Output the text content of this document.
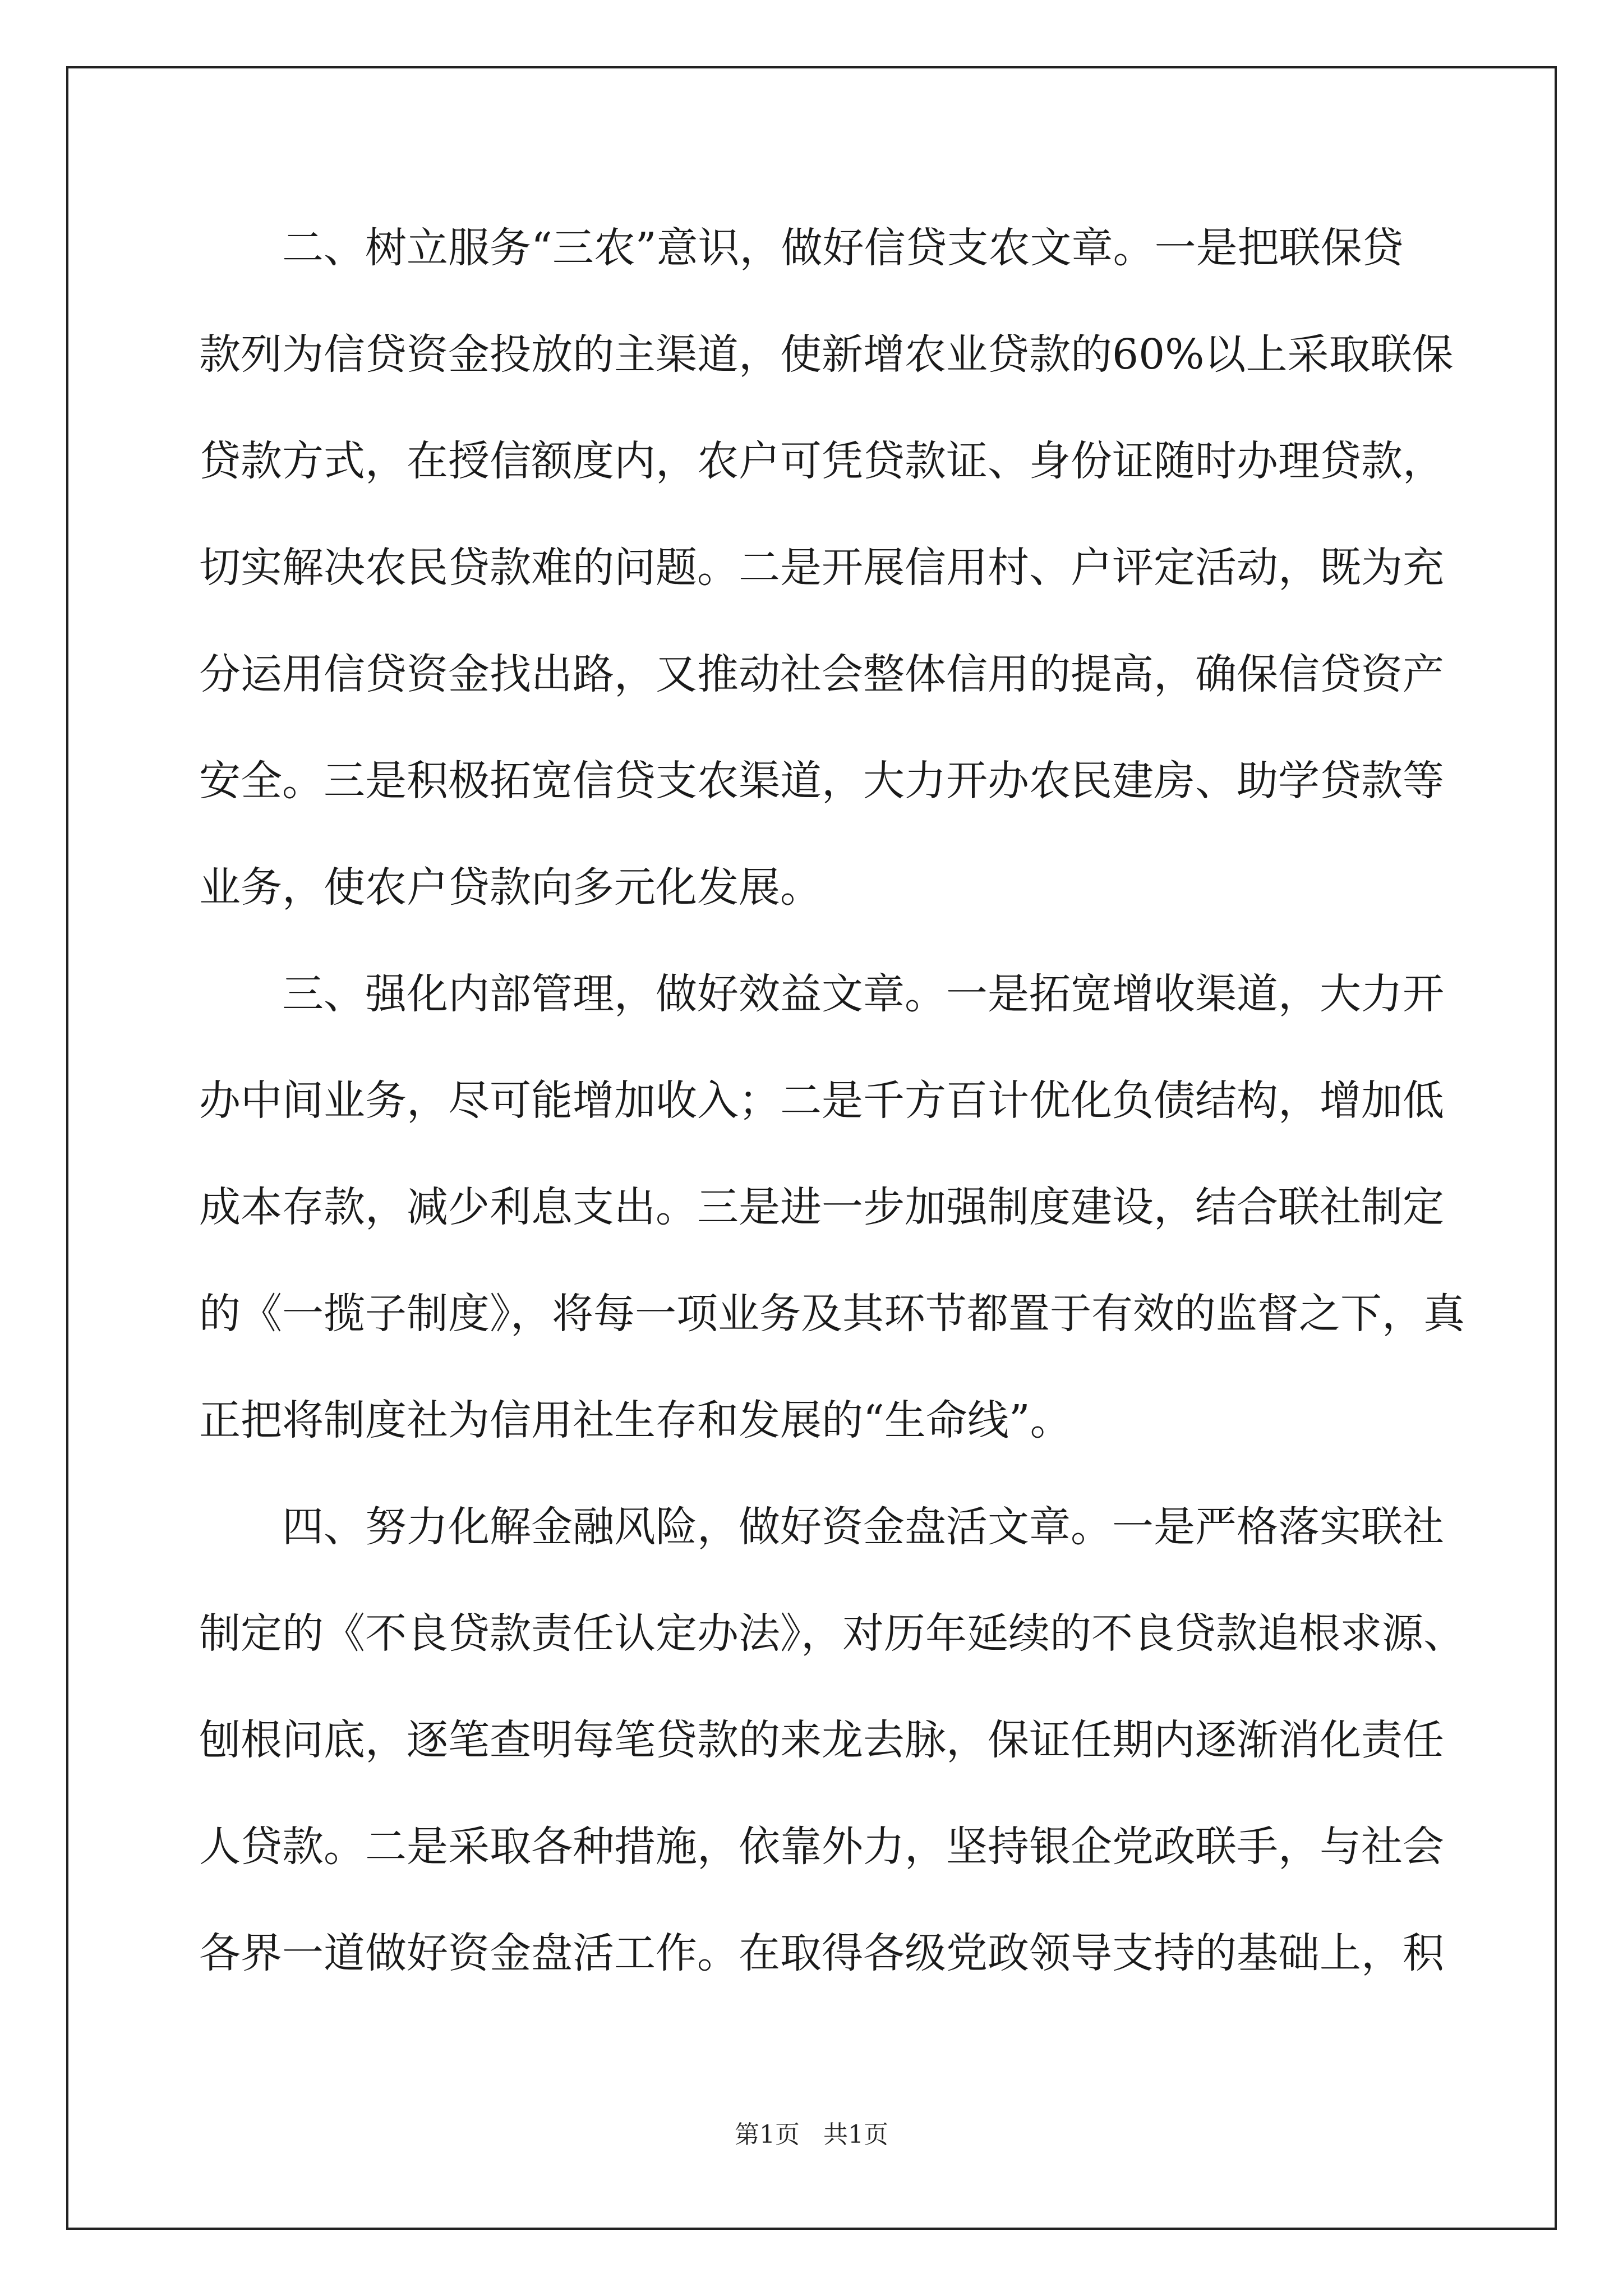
二、树立服务“三农”意识，做好信贷支农文章。一是把联保贷
款列为信贷资金投放的主渠道，使新增农业贷款的60%以上采取联保
贷款方式，在授信额度内，农户可凭贷款证、身份证随时办理贷款，
切实解决农民贷款难的问题。二是开展信用村、户评定活动，既为充
分运用信贷资金找出路，又推动社会整体信用的提高，确保信贷资产
安全。三是积极拓宽信贷支农渠道，大力开办农民建房、助学贷款等
业务，使农户贷款向多元化发展。
三、强化内部管理，做好效益文章。一是拓宽增收渠道，大力开
办中间业务，尽可能增加收入；二是千方百计优化负债结构，增加低
成本存款，减少利息支出。三是进一步加强制度建设，结合联社制定
的《一揽子制度》，将每一项业务及其环节都置于有效的监督之下，真
正把将制度社为信用社生存和发展的“生命线”。
四、努力化解金融风险，做好资金盘活文章。一是严格落实联社
制定的《不良贷款责任认定办法》，对历年延续的不良贷款追根求源、
刨根问底，逐笔查明每笔贷款的来龙去脉，保证任期内逐渐消化责任
人贷款。二是采取各种措施，依靠外力，坚持银企党政联手，与社会
各界一道做好资金盘活工作。在取得各级党政领导支持的基础上，积
第1页   共1页
